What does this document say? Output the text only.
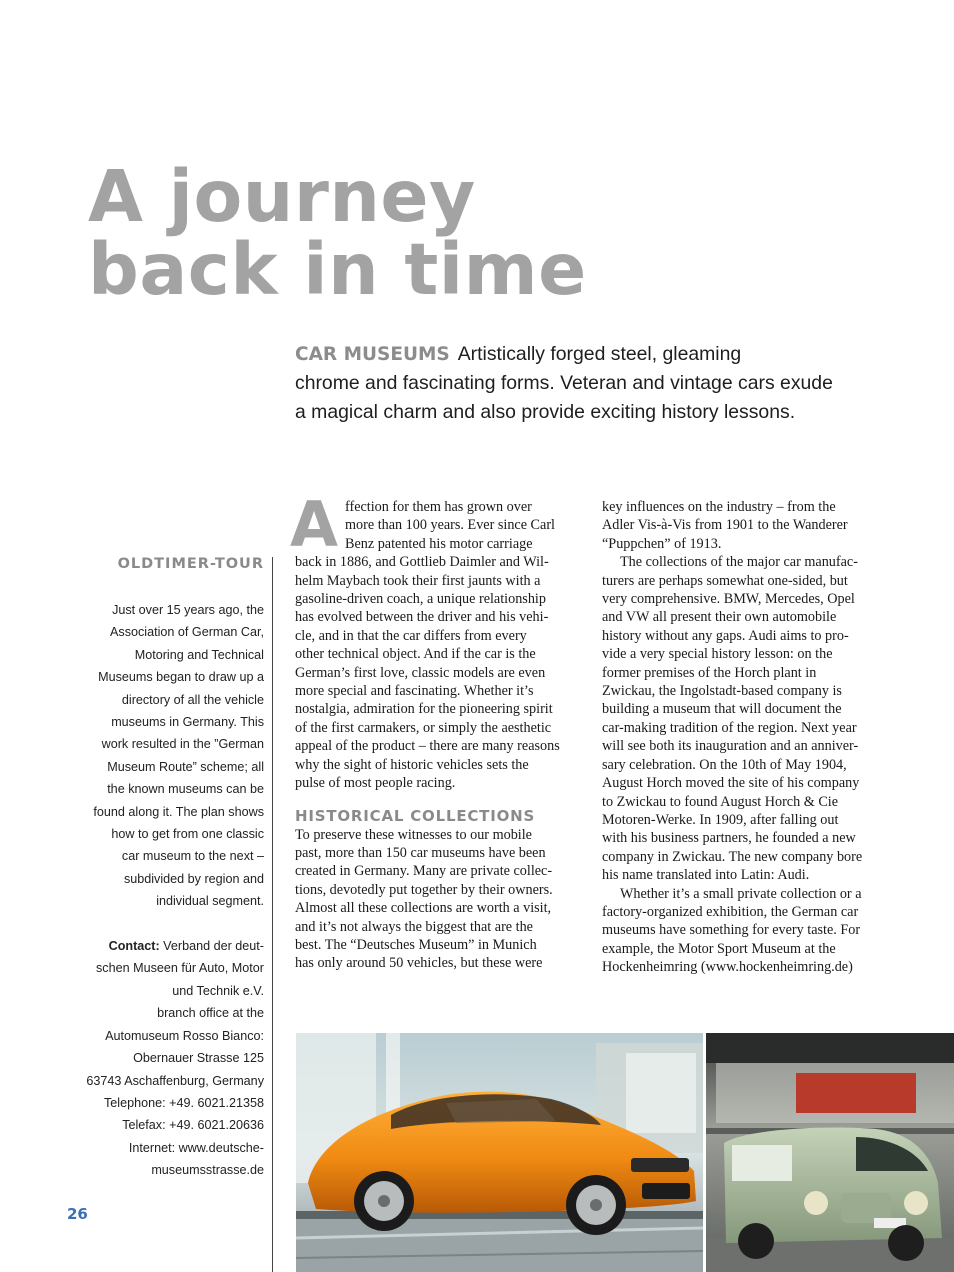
A journey
back in time
CAR MUSEUMS Artistically forged steel, gleaming
chrome and fascinating forms. Veteran and vintage cars exude
a magical charm and also provide exciting history lessons.
OLDTIMER-TOUR
Just over 15 years ago, the
Association of German Car,
Motoring and Technical
Museums began to draw up a
directory of all the vehicle
museums in Germany. This
work resulted in the ”German
Museum Route” scheme; all
the known museums can be
found along it. The plan shows
how to get from one classic
car museum to the next –
subdivided by region and
individual segment.
Contact: Verband der deut-
schen Museen für Auto, Motor
und Technik e.V.
branch office at the
Automuseum Rosso Bianco:
Obernauer Strasse 125
63743 Aschaffenburg, Germany
Telephone: +49. 6021.21358
Telefax: +49. 6021.20636
Internet: www.deutsche-
museumsstrasse.de
26
A ffection for them has grown over
more than 100 years. Ever since Carl
Benz patented his motor carriage
back in 1886, and Gottlieb Daimler and Wil-
helm Maybach took their first jaunts with a
gasoline-driven coach, a unique relationship
has evolved between the driver and his vehi-
cle, and in that the car differs from every
other technical object. And if the car is the
German’s first love, classic models are even
more special and fascinating. Whether it’s
nostalgia, admiration for the pioneering spirit
of the first carmakers, or simply the aesthetic
appeal of the product – there are many reasons
why the sight of historic vehicles sets the
pulse of most people racing.
HISTORICAL COLLECTIONS
To preserve these witnesses to our mobile
past, more than 150 car museums have been
created in Germany. Many are private collec-
tions, devotedly put together by their owners.
Almost all these collections are worth a visit,
and it’s not always the biggest that are the
best. The “Deutsches Museum” in Munich
has only around 50 vehicles, but these were
key influences on the industry – from the
Adler Vis-à-Vis from 1901 to the Wanderer
“Puppchen” of 1913.
The collections of the major car manufac-
turers are perhaps somewhat one-sided, but
very comprehensive. BMW, Mercedes, Opel
and VW all present their own automobile
history without any gaps. Audi aims to pro-
vide a very special history lesson: on the
former premises of the Horch plant in
Zwickau, the Ingolstadt-based company is
building a museum that will document the
car-making tradition of the region. Next year
will see both its inauguration and an anniver-
sary celebration. On the 10th of May 1904,
August Horch moved the site of his company
to Zwickau to found August Horch & Cie
Motoren-Werke. In 1909, after falling out
with his business partners, he founded a new
company in Zwickau. The new company bore
his name translated into Latin: Audi.
Whether it’s a small private collection or a
factory-organized exhibition, the German car
museums have something for every taste. For
example, the Motor Sport Museum at the
Hockenheimring (www.hockenheimring.de)
